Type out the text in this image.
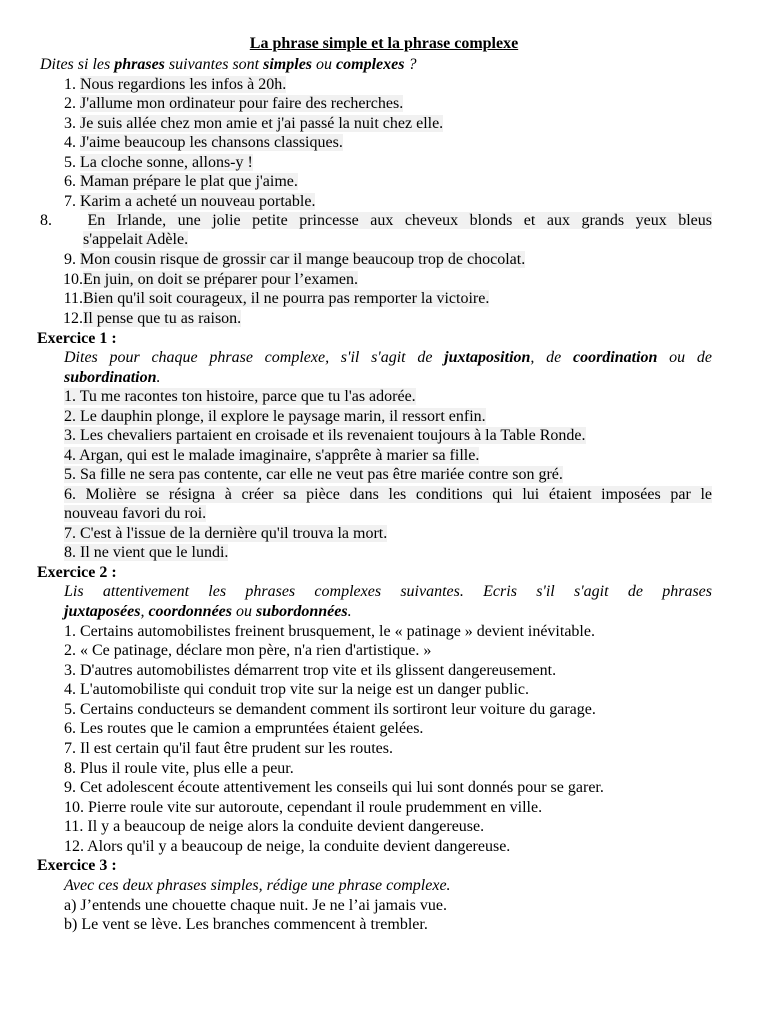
La phrase simple et la phrase complexe
Dites si les phrases suivantes sont simples ou complexes ?
1. Nous regardions les infos à 20h.
2. J'allume mon ordinateur pour faire des recherches.
3. Je suis allée chez mon amie et j'ai passé la nuit chez elle.
4. J'aime beaucoup les chansons classiques.
5. La cloche sonne, allons-y !
6. Maman prépare le plat que j'aime.
7. Karim a acheté un nouveau portable.
8. En Irlande, une jolie petite princesse aux cheveux blonds et aux grands yeux bleus
s'appelait Adèle.
9. Mon cousin risque de grossir car il mange beaucoup trop de chocolat.
10.En juin, on doit se préparer pour l’examen.
11.Bien qu'il soit courageux, il ne pourra pas remporter la victoire.
12.Il pense que tu as raison.
Exercice 1 :
Dites pour chaque phrase complexe, s'il s'agit de juxtaposition, de coordination ou de
subordination.
1. Tu me racontes ton histoire, parce que tu l'as adorée.
2. Le dauphin plonge, il explore le paysage marin, il ressort enfin.
3. Les chevaliers partaient en croisade et ils revenaient toujours à la Table Ronde.
4. Argan, qui est le malade imaginaire, s'apprête à marier sa fille.
5. Sa fille ne sera pas contente, car elle ne veut pas être mariée contre son gré.
6. Molière se résigna à créer sa pièce dans les conditions qui lui étaient imposées par le
nouveau favori du roi.
7. C'est à l'issue de la dernière qu'il trouva la mort.
8. Il ne vient que le lundi.
Exercice 2 :
Lis attentivement les phrases complexes suivantes. Ecris s'il s'agit de phrases
juxtaposées, coordonnées ou subordonnées.
1. Certains automobilistes freinent brusquement, le « patinage » devient inévitable.
2. « Ce patinage, déclare mon père, n'a rien d'artistique. »
3. D'autres automobilistes démarrent trop vite et ils glissent dangereusement.
4. L'automobiliste qui conduit trop vite sur la neige est un danger public.
5. Certains conducteurs se demandent comment ils sortiront leur voiture du garage.
6. Les routes que le camion a empruntées étaient gelées.
7. Il est certain qu'il faut être prudent sur les routes.
8. Plus il roule vite, plus elle a peur.
9. Cet adolescent écoute attentivement les conseils qui lui sont donnés pour se garer.
10. Pierre roule vite sur autoroute, cependant il roule prudemment en ville.
11. Il y a beaucoup de neige alors la conduite devient dangereuse.
12. Alors qu'il y a beaucoup de neige, la conduite devient dangereuse.
Exercice 3 :
Avec ces deux phrases simples, rédige une phrase complexe.
a) J’entends une chouette chaque nuit. Je ne l’ai jamais vue.
b) Le vent se lève. Les branches commencent à trembler.
